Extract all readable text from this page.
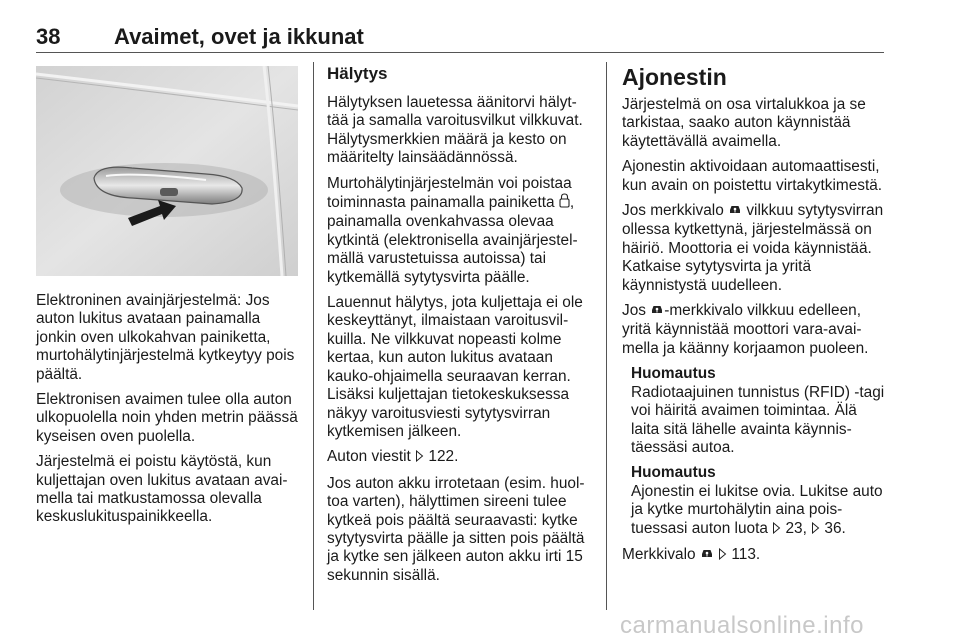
38 Avaimet, ovet ja ikkunat

Elektroninen avainjärjestelmä: Jos auton lukitus avataan painamalla jonkin oven ulkokahvan painiketta, murtohälytinjärjestelmä kytkeytyy pois päältä.

Elektronisen avaimen tulee olla auton ulkopuolella noin yhden metrin päässä kyseisen oven puolella.

Järjestelmä ei poistu käytöstä, kun kuljettajan oven lukitus avataan avaimella tai matkustamossa olevalla keskuslukituspainikkeella.

Hälytys

Hälytyksen lauetessa äänitorvi hälyttää ja samalla varoitusvilkut vilkkuvat. Hälytysmerkkien määrä ja kesto on määritelty lainsäädännössä.

Murtohälytinjärjestelmän voi poistaa toiminnasta painamalla painiketta , painamalla ovenkahvassa olevaa kytkintä (elektronisella avainjärjestelmällä varustetuissa autoissa) tai kytkemällä sytytysvirta päälle.

Lauennut hälytys, jota kuljettaja ei ole keskeyttänyt, ilmaistaan varoitusvilkuilla. Ne vilkkuvat nopeasti kolme kertaa, kun auton lukitus avataan kauko-ohjaimella seuraavan kerran. Lisäksi kuljettajan tietokeskuksessa näkyy varoitusviesti sytytysvirran kytkemisen jälkeen.

Auton viestit  122.

Jos auton akku irrotetaan (esim. huoltoa varten), hälyttimen sireeni tulee kytkeä pois päältä seuraavasti: kytke sytytysvirta päälle ja sitten pois päältä ja kytke sen jälkeen auton akku irti 15 sekunnin sisällä.

Ajonestin

Järjestelmä on osa virtalukkoa ja se tarkistaa, saako auton käynnistää käytettävällä avaimella.

Ajonestin aktivoidaan automaattisesti, kun avain on poistettu virtakytkimestä.

Jos merkkivalo  vilkkuu sytytysvirran ollessa kytkettynä, järjestelmässä on häiriö. Moottoria ei voida käynnistää. Katkaise sytytysvirta ja yritä käynnistystä uudelleen.

Jos -merkkivalo vilkkuu edelleen, yritä käynnistää moottori vara-avaimella ja käänny korjaamon puoleen.

Huomautus
Radiotaajuinen tunnistus (RFID) -tagi voi häiritä avaimen toimintaa. Älä laita sitä lähelle avainta käynnistäessäsi autoa.
Huomautus
Ajonestin ei lukitse ovia. Lukitse auto ja kytke murtohälytin aina poistuessasi auton luota  23,  36.

Merkkivalo   113.

carmanualsonline.info
